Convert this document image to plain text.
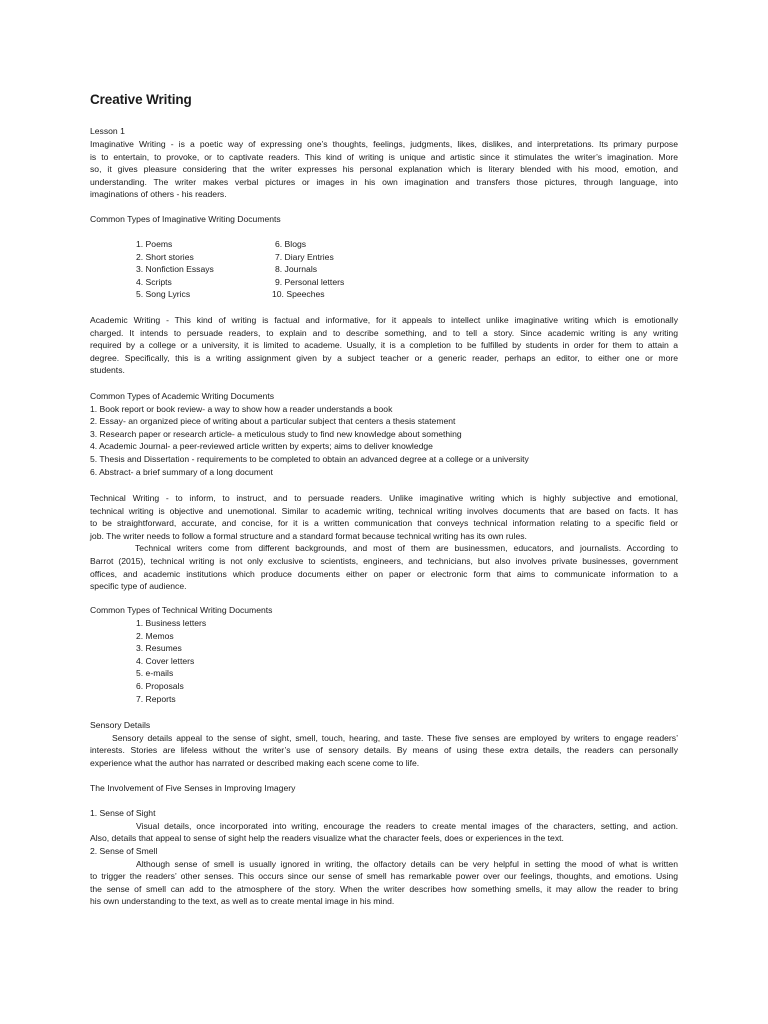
Creative Writing

Lesson 1

Imaginative Writing - is a poetic way of expressing one’s thoughts, feelings, judgments, likes, dislikes, and interpretations. Its primary purpose
is to entertain, to provoke, or to captivate readers. This kind of writing is unique and artistic since it stimulates the writer’s imagination. More
so, it gives pleasure considering that the writer expresses his personal explanation which is literary blended with his mood, emotion, and
understanding. The writer makes verbal pictures or images in his own imagination and transfers those pictures, through language, into
imaginations of others - his readers.

Common Types of Imaginative Writing Documents

1. Poems
2. Short stories
3. Nonfiction Essays
4. Scripts
5. Song Lyrics
6. Blogs
7. Diary Entries
8. Journals
9. Personal letters
10. Speeches

Academic Writing - This kind of writing is factual and informative, for it appeals to intellect unlike imaginative writing which is emotionally
charged. It intends to persuade readers, to explain and to describe something, and to tell a story. Since academic writing is any writing
required by a college or a university, it is limited to academe. Usually, it is a completion to be fulfilled by students in order for them to attain a
degree. Specifically, this is a writing assignment given by a subject teacher or a generic reader, perhaps an editor, to either one or more
students.

Common Types of Academic Writing Documents
1. Book report or book review- a way to show how a reader understands a book
2. Essay- an organized piece of writing about a particular subject that centers a thesis statement
3. Research paper or research article- a meticulous study to find new knowledge about something
4. Academic Journal- a peer-reviewed article written by experts; aims to deliver knowledge
5. Thesis and Dissertation - requirements to be completed to obtain an advanced degree at a college or a university
6. Abstract- a brief summary of a long document

Technical Writing - to inform, to instruct, and to persuade readers. Unlike imaginative writing which is highly subjective and emotional,
technical writing is objective and unemotional. Similar to academic writing, technical writing involves documents that are based on facts. It has
to be straightforward, accurate, and concise, for it is a written communication that conveys technical information relating to a specific field or
job. The writer needs to follow a formal structure and a standard format because technical writing has its own rules.
Technical writers come from different backgrounds, and most of them are businessmen, educators, and journalists. According to
Barrot (2015), technical writing is not only exclusive to scientists, engineers, and technicians, but also involves private businesses, government
offices, and academic institutions which produce documents either on paper or electronic form that aims to communicate information to a
specific type of audience.

Common Types of Technical Writing Documents

1. Business letters
2. Memos
3. Resumes
4. Cover letters
5. e-mails
6. Proposals
7. Reports

Sensory Details
Sensory details appeal to the sense of sight, smell, touch, hearing, and taste. These five senses are employed by writers to engage readers’
interests. Stories are lifeless without the writer’s use of sensory details. By means of using these extra details, the readers can personally
experience what the author has narrated or described making each scene come to life.

The Involvement of Five Senses in Improving Imagery

1. Sense of Sight
Visual details, once incorporated into writing, encourage the readers to create mental images of the characters, setting, and action.
Also, details that appeal to sense of sight help the readers visualize what the character feels, does or experiences in the text.

2. Sense of Smell
Although sense of smell is usually ignored in writing, the olfactory details can be very helpful in setting the mood of what is written
to trigger the readers’ other senses. This occurs since our sense of smell has remarkable power over our feelings, thoughts, and emotions. Using
the sense of smell can add to the atmosphere of the story. When the writer describes how something smells, it may allow the reader to bring
his own understanding to the text, as well as to create mental image in his mind.
